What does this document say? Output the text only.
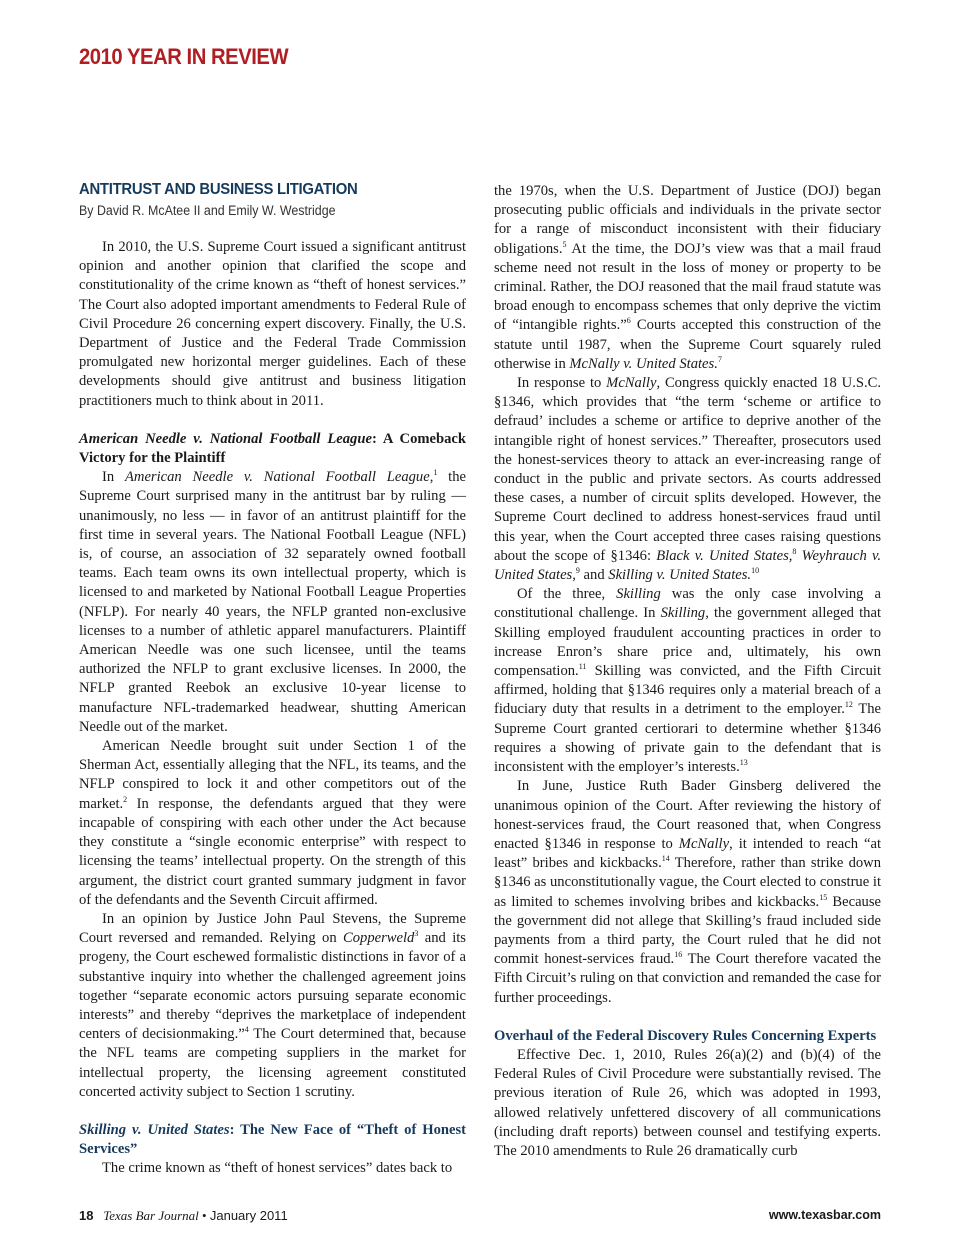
2010 YEAR IN REVIEW
ANTITRUST AND BUSINESS LITIGATION
By David R. McAtee II and Emily W. Westridge

In 2010, the U.S. Supreme Court issued a significant antitrust opinion and another opinion that clarified the scope and constitutionality of the crime known as “theft of honest services.” The Court also adopted important amendments to Federal Rule of Civil Procedure 26 concerning expert discovery. Finally, the U.S. Department of Justice and the Federal Trade Commission promulgated new horizontal merger guidelines. Each of these developments should give antitrust and business litigation practitioners much to think about in 2011.

American Needle v. National Football League: A Comeback Victory for the Plaintiff

In American Needle v. National Football League,$^1$ the Supreme Court surprised many in the antitrust bar by ruling — unanimously, no less — in favor of an antitrust plaintiff for the first time in several years. The National Football League (NFL) is, of course, an association of 32 separately owned football teams. Each team owns its own intellectual property, which is licensed to and marketed by National Football League Properties (NFLP). For nearly 40 years, the NFLP granted non-exclusive licenses to a number of athletic apparel manufacturers. Plaintiff American Needle was one such licensee, until the teams authorized the NFLP to grant exclusive licenses. In 2000, the NFLP granted Reebok an exclusive 10-year license to manufacture NFL-trademarked headwear, shutting American Needle out of the market.

American Needle brought suit under Section 1 of the Sherman Act, essentially alleging that the NFL, its teams, and the NFLP conspired to lock it and other competitors out of the market.$^2$ In response, the defendants argued that they were incapable of conspiring with each other under the Act because they constitute a “single economic enterprise” with respect to licensing the teams’ intellectual property. On the strength of this argument, the district court granted summary judgment in favor of the defendants and the Seventh Circuit affirmed.

In an opinion by Justice John Paul Stevens, the Supreme Court reversed and remanded. Relying on Copperweld$^3$ and its progeny, the Court eschewed formalistic distinctions in favor of a substantive inquiry into whether the challenged agreement joins together “separate economic actors pursuing separate economic interests” and thereby “deprives the marketplace of independent centers of decisionmaking.”$^4$ The Court determined that, because the NFL teams are competing suppliers in the market for intellectual property, the licensing agreement constituted concerted activity subject to Section 1 scrutiny.

Skilling v. United States: The New Face of “Theft of Honest Services”

The crime known as “theft of honest services” dates back to

the 1970s, when the U.S. Department of Justice (DOJ) began prosecuting public officials and individuals in the private sector for a range of misconduct inconsistent with their fiduciary obligations.$^5$ At the time, the DOJ’s view was that a mail fraud scheme need not result in the loss of money or property to be criminal. Rather, the DOJ reasoned that the mail fraud statute was broad enough to encompass schemes that only deprive the victim of “intangible rights.”$^6$ Courts accepted this construction of the statute until 1987, when the Supreme Court squarely ruled otherwise in McNally v. United States.$^7$

In response to McNally, Congress quickly enacted 18 U.S.C. §1346, which provides that “the term ‘scheme or artifice to defraud’ includes a scheme or artifice to deprive another of the intangible right of honest services.” Thereafter, prosecutors used the honest-services theory to attack an ever-increasing range of conduct in the public and private sectors. As courts addressed these cases, a number of circuit splits developed. However, the Supreme Court declined to address honest-services fraud until this year, when the Court accepted three cases raising questions about the scope of §1346: Black v. United States,$^8$ Weyhrauch v. United States,$^9$ and Skilling v. United States.$^{10}$

Of the three, Skilling was the only case involving a constitutional challenge. In Skilling, the government alleged that Skilling employed fraudulent accounting practices in order to increase Enron’s share price and, ultimately, his own compensation.$^{11}$ Skilling was convicted, and the Fifth Circuit affirmed, holding that §1346 requires only a material breach of a fiduciary duty that results in a detriment to the employer.$^{12}$ The Supreme Court granted certiorari to determine whether §1346 requires a showing of private gain to the defendant that is inconsistent with the employer’s interests.$^{13}$

In June, Justice Ruth Bader Ginsberg delivered the unanimous opinion of the Court. After reviewing the history of honest-services fraud, the Court reasoned that, when Congress enacted §1346 in response to McNally, it intended to reach “at least” bribes and kickbacks.$^{14}$ Therefore, rather than strike down §1346 as unconstitutionally vague, the Court elected to construe it as limited to schemes involving bribes and kickbacks.$^{15}$ Because the government did not allege that Skilling’s fraud included side payments from a third party, the Court ruled that he did not commit honest-services fraud.$^{16}$ The Court therefore vacated the Fifth Circuit’s ruling on that conviction and remanded the case for further proceedings.

Overhaul of the Federal Discovery Rules Concerning Experts

Effective Dec. 1, 2010, Rules 26(a)(2) and (b)(4) of the Federal Rules of Civil Procedure were substantially revised. The previous iteration of Rule 26, which was adopted in 1993, allowed relatively unfettered discovery of all communications (including draft reports) between counsel and testifying experts. The 2010 amendments to Rule 26 dramatically curb

18 Texas Bar Journal • January 2011	www.texasbar.com
